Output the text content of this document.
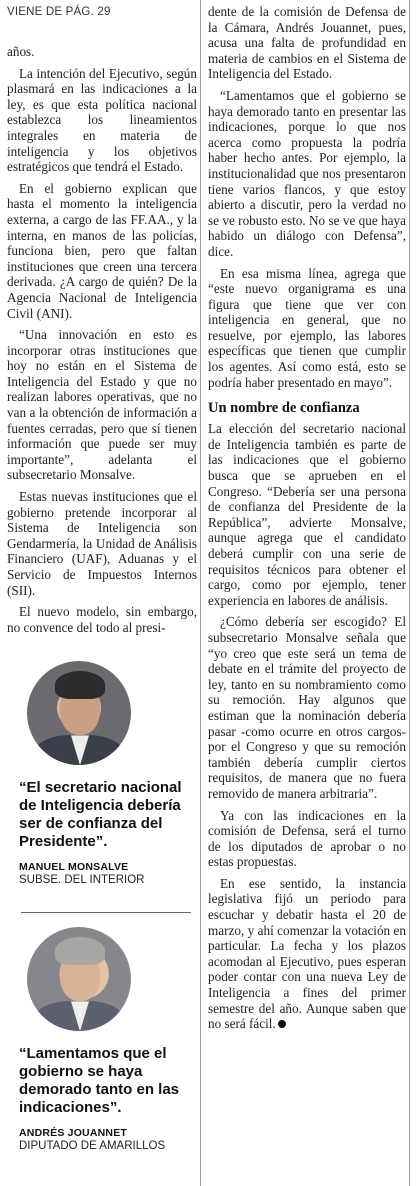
VIENE DE PÁG. 29

años.

La intención del Ejecutivo, según plasmará en las indicaciones a la ley, es que esta política nacional establezca los lineamientos integrales en materia de inteligencia y los objetivos estratégicos que tendrá el Estado.

En el gobierno explican que hasta el momento la inteligencia externa, a cargo de las FF.AA., y la interna, en manos de las policías, funciona bien, pero que faltan instituciones que creen una tercera derivada. ¿A cargo de quién? De la Agencia Nacional de Inteligencia Civil (ANI).

“Una innovación en esto es incorporar otras instituciones que hoy no están en el Sistema de Inteligencia del Estado y que no realizan labores operativas, que no van a la obtención de información a fuentes cerradas, pero que sí tienen información que puede ser muy importante”, adelanta el subsecretario Monsalve.

Estas nuevas instituciones que el gobierno pretende incorporar al Sistema de Inteligencia son Gendarmería, la Unidad de Análisis Financiero (UAF), Aduanas y el Servicio de Impuestos Internos (SII).

El nuevo modelo, sin embargo, no convence del todo al presi-

“El secretario nacional de Inteligencia debería ser de confianza del Presidente”.
MANUEL MONSALVE
SUBSE. DEL INTERIOR
“Lamentamos que el gobierno se haya demorado tanto en las indicaciones”.
ANDRÉS JOUANNET
DIPUTADO DE AMARILLOS

dente de la comisión de Defensa de la Cámara, Andrés Jouannet, pues, acusa una falta de profundidad en materia de cambios en el Sistema de Inteligencia del Estado.

“Lamentamos que el gobierno se haya demorado tanto en presentar las indicaciones, porque lo que nos acerca como propuesta la podría haber hecho antes. Por ejemplo, la institucionalidad que nos presentaron tiene varios flancos, y que estoy abierto a discutir, pero la verdad no se ve robusto esto. No se ve que haya habido un diálogo con Defensa”, dice.

En esa misma línea, agrega que “este nuevo organigrama es una figura que tiene que ver con inteligencia en general, que no resuelve, por ejemplo, las labores específicas que tienen que cumplir los agentes. Así como está, esto se podría haber presentado en mayo”.

Un nombre de confianza

La elección del secretario nacional de Inteligencia también es parte de las indicaciones que el gobierno busca que se aprueben en el Congreso. “Debería ser una persona de confianza del Presidente de la República”, advierte Monsalve, aunque agrega que el candidato deberá cumplir con una serie de requisitos técnicos para obtener el cargo, como por ejemplo, tener experiencia en labores de análisis.

¿Cómo debería ser escogido? El subsecretario Monsalve señala que “yo creo que este será un tema de debate en el trámite del proyecto de ley, tanto en su nombramiento como su remoción. Hay algunos que estiman que la nominación debería pasar -como ocurre en otros cargos- por el Congreso y que su remoción también debería cumplir ciertos requisitos, de manera que no fuera removido de manera arbitraria”.

Ya con las indicaciones en la comisión de Defensa, será el turno de los diputados de aprobar o no estas propuestas.

En ese sentido, la instancia legislativa fijó un periodo para escuchar y debatir hasta el 20 de marzo, y ahí comenzar la votación en particular. La fecha y los plazos acomodan al Ejecutivo, pues esperan poder contar con una nueva Ley de Inteligencia a fines del primer semestre del año. Aunque saben que no será fácil.
